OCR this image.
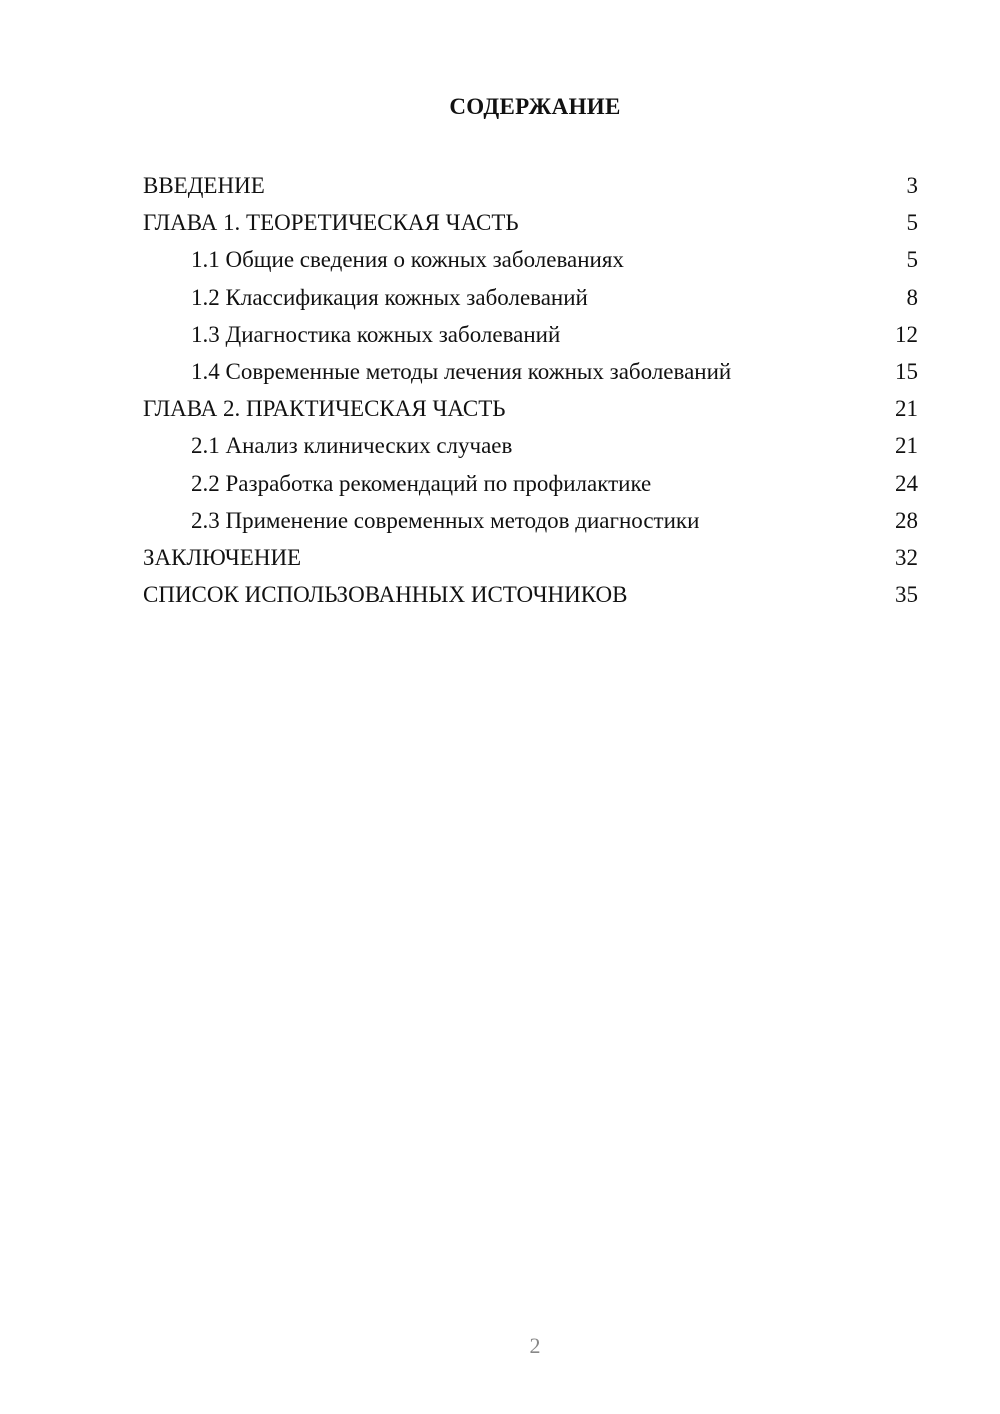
СОДЕРЖАНИЕ
ВВЕДЕНИЕ	3
ГЛАВА 1. ТЕОРЕТИЧЕСКАЯ ЧАСТЬ	5
1.1 Общие сведения о кожных заболеваниях	5
1.2 Классификация кожных заболеваний	8
1.3 Диагностика кожных заболеваний	12
1.4 Современные методы лечения кожных заболеваний	15
ГЛАВА 2. ПРАКТИЧЕСКАЯ ЧАСТЬ	21
2.1 Анализ клинических случаев	21
2.2 Разработка рекомендаций по профилактике	24
2.3 Применение современных методов диагностики	28
ЗАКЛЮЧЕНИЕ	32
СПИСОК ИСПОЛЬЗОВАННЫХ ИСТОЧНИКОВ	35
2
